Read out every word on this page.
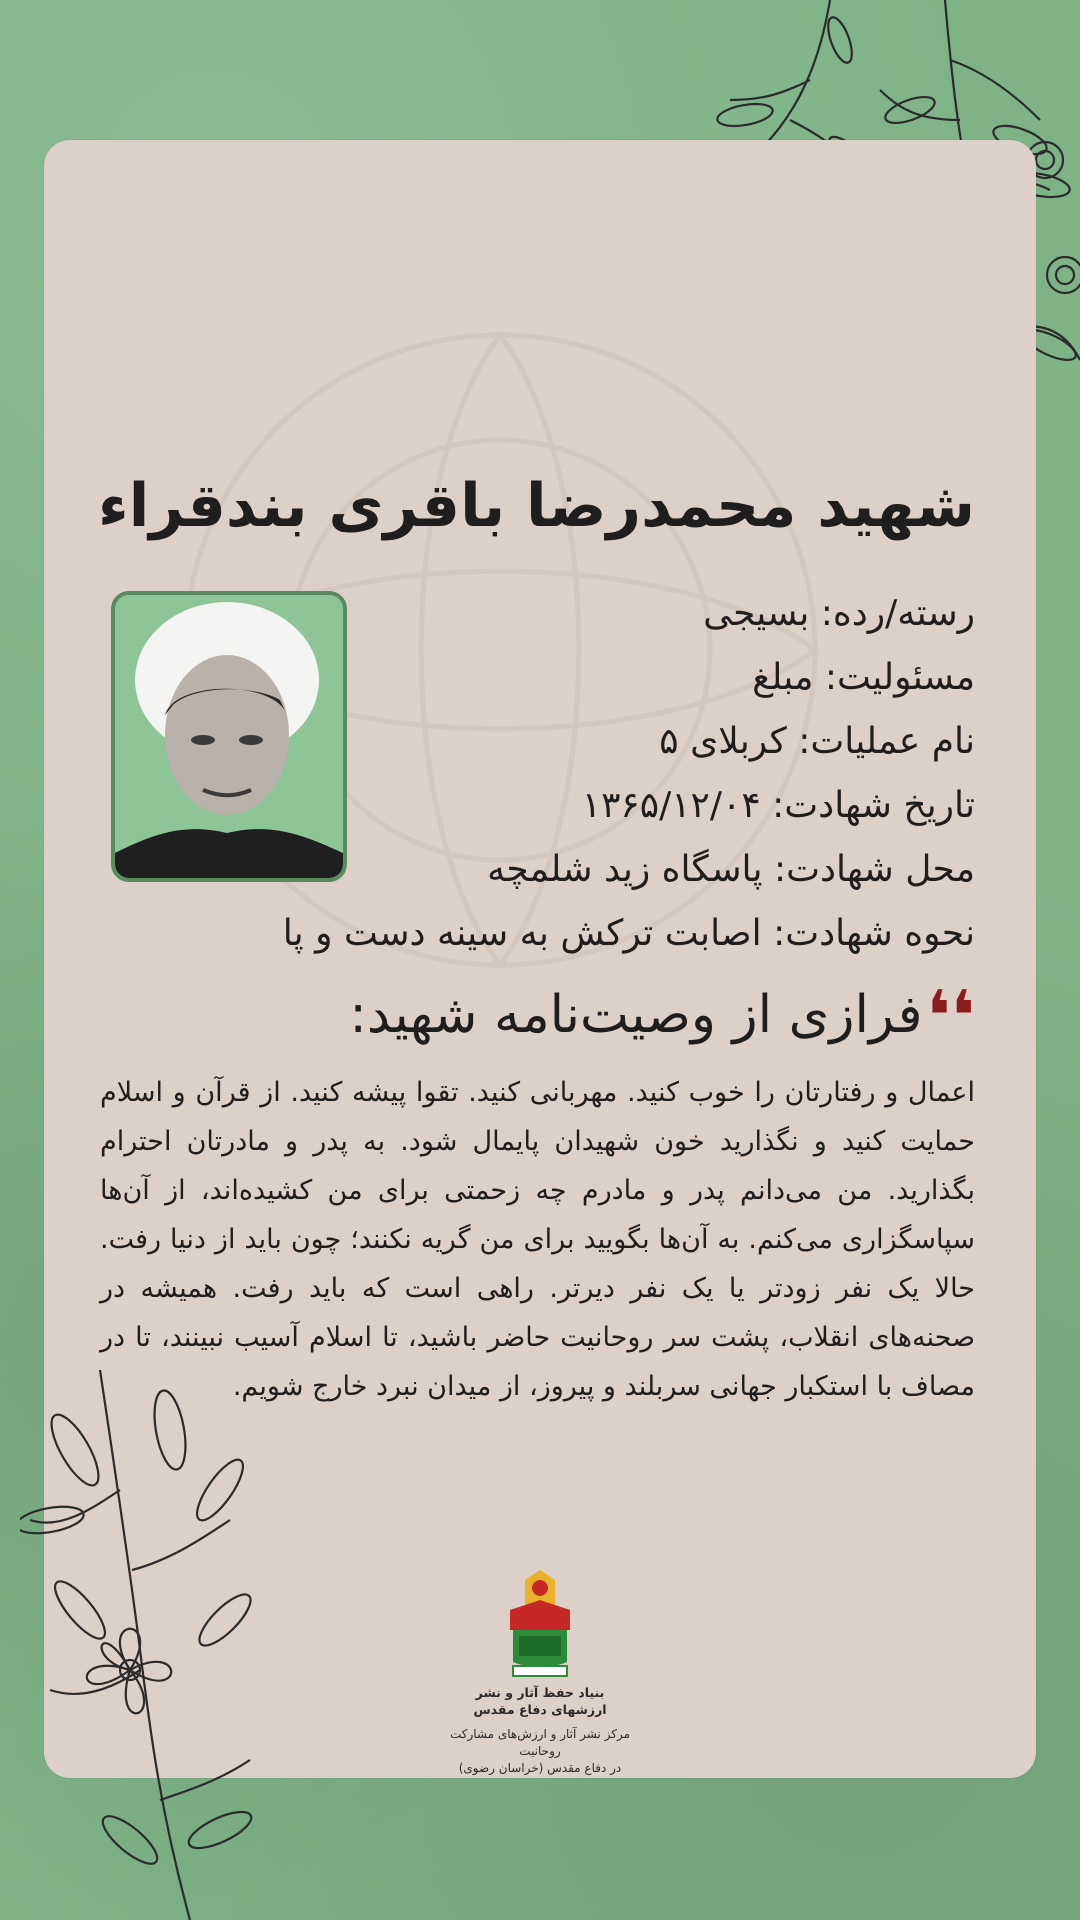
شهید محمدرضا باقری بندقراء
رسته/رده: بسیجی
مسئولیت: مبلغ
نام عملیات: کربلای ۵
تاریخ شهادت: ۱۳۶۵/۱۲/۰۴
محل شهادت: پاسگاه زید شلمچه
نحوه شهادت: اصابت ترکش به سینه دست و پا
❛❛فرازی از وصیت‌نامه شهید:
اعمال و رفتارتان را خوب کنید. مهربانی کنید. تقوا پیشه کنید. از قرآن و اسلام حمایت کنید و نگذارید خون شهیدان پایمال شود. به پدر و مادرتان احترام بگذارید. من می‌دانم پدر و مادرم چه زحمتی برای من کشیده‌اند، از آن‌ها سپاسگزاری می‌کنم. به آن‌ها بگویید برای من گریه نکنند؛ چون باید از دنیا رفت. حالا یک نفر زودتر یا یک نفر دیرتر. راهی است که باید رفت. همیشه در صحنه‌های انقلاب، پشت سر روحانیت حاضر باشید، تا اسلام آسیب نبینند، تا در مصاف با استکبار جهانی سربلند و پیروز، از میدان نبرد خارج شویم.
بنیاد حفظ آثار و نشر
ارزشهای دفاع مقدس
مرکز نشر آثار و ارزش‌های مشارکت روحانیت
در دفاع مقدس (خراسان رضوی)
